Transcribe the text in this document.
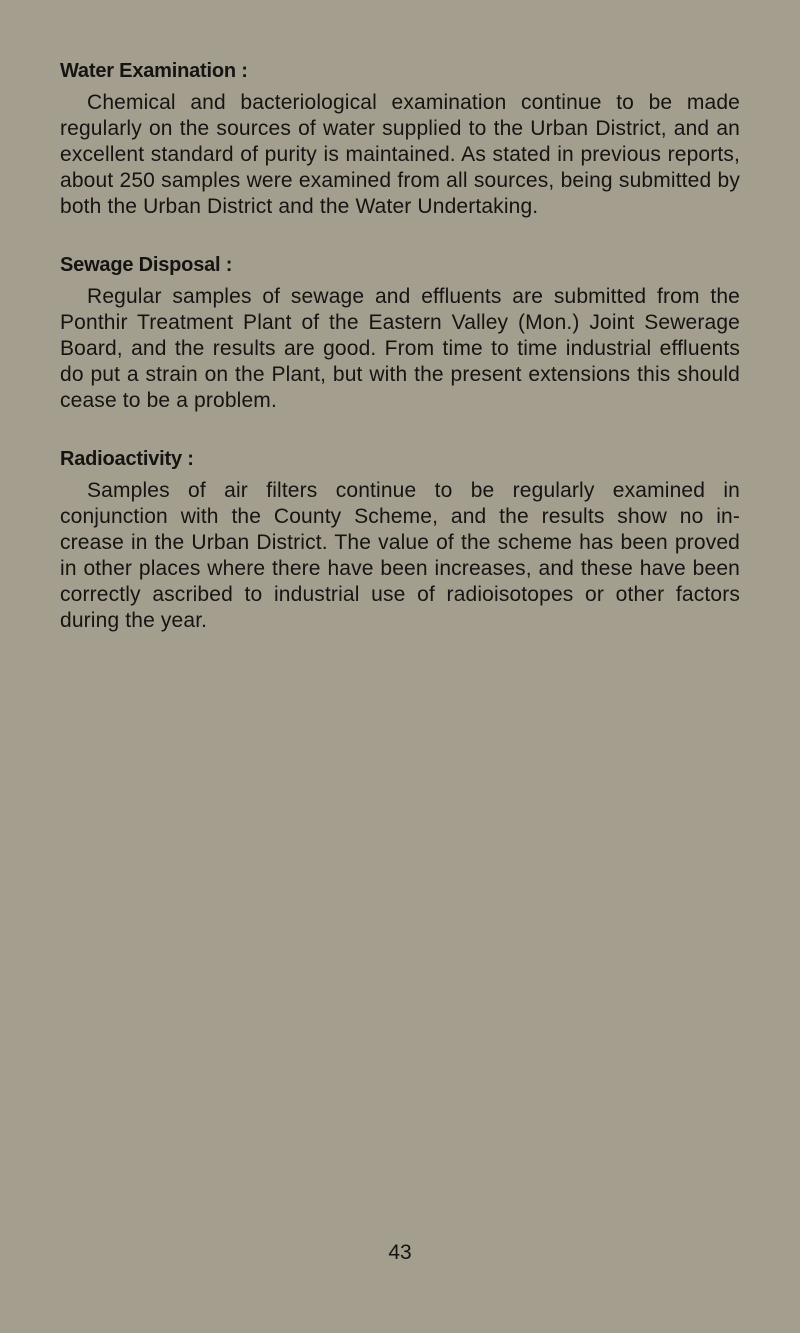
Water Examination :

Chemical and bacteriological examination continue to be made regularly on the sources of water supplied to the Urban District, and an excellent standard of purity is maintained. As stated in previous reports, about 250 samples were examined from all sources, being submitted by both the Urban District and the Water Undertaking.

Sewage Disposal :

Regular samples of sewage and effluents are submitted from the Ponthir Treatment Plant of the Eastern Valley (Mon.) Joint Sewerage Board, and the results are good. From time to time industrial effluents do put a strain on the Plant, but with the present extensions this should cease to be a problem.

Radioactivity :

Samples of air filters continue to be regularly examined in conjunction with the County Scheme, and the results show no in- crease in the Urban District. The value of the scheme has been proved in other places where there have been increases, and these have been correctly ascribed to industrial use of radioisotopes or other factors during the year.

43
